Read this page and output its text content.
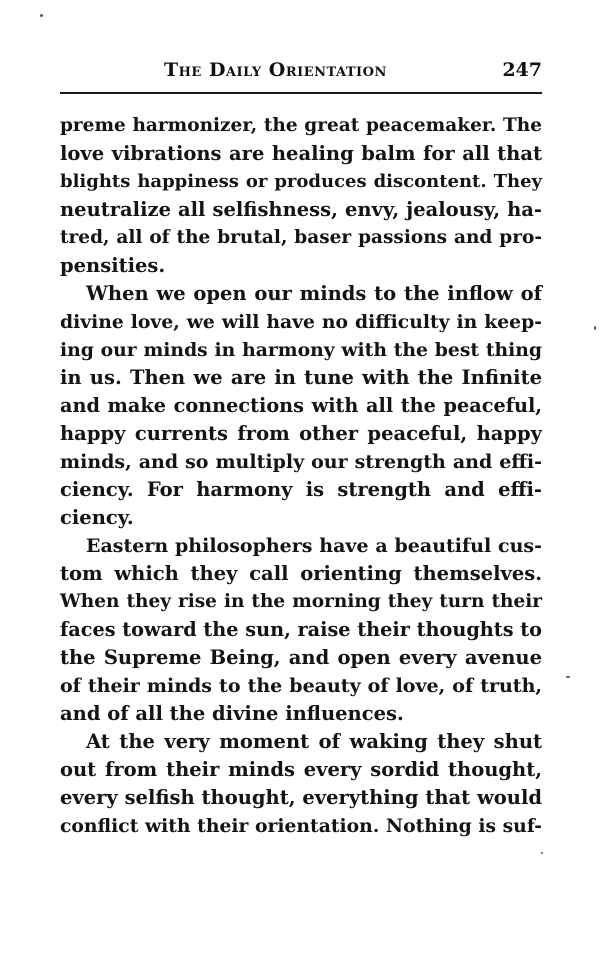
The Daily Orientation	247
preme harmonizer, the great peacemaker. The
love vibrations are healing balm for all that
blights happiness or produces discontent. They
neutralize all selfishness, envy, jealousy, ha-
tred, all of the brutal, baser passions and pro-
pensities.
When we open our minds to the inflow of
divine love, we will have no difficulty in keep-
ing our minds in harmony with the best thing
in us. Then we are in tune with the Infinite
and make connections with all the peaceful,
happy currents from other peaceful, happy
minds, and so multiply our strength and effi-
ciency. For harmony is strength and effi-
ciency.
Eastern philosophers have a beautiful cus-
tom which they call orienting themselves.
When they rise in the morning they turn their
faces toward the sun, raise their thoughts to
the Supreme Being, and open every avenue
of their minds to the beauty of love, of truth,
and of all the divine influences.
At the very moment of waking they shut
out from their minds every sordid thought,
every selfish thought, everything that would
conflict with their orientation. Nothing is suf-
